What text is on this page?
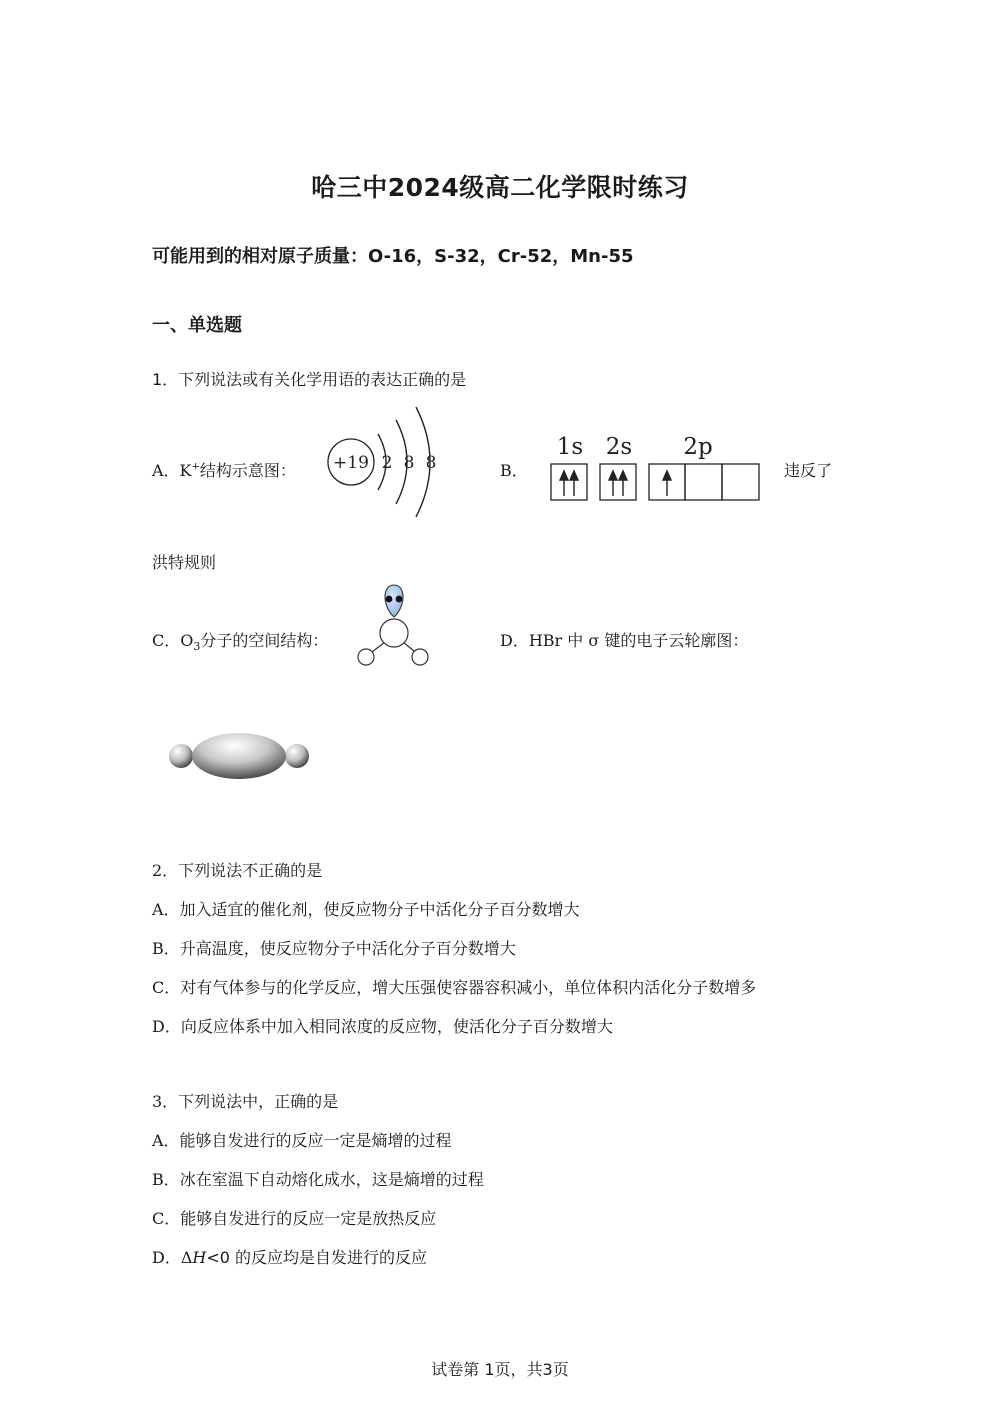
哈三中2024级高二化学限时练习
可能用到的相对原子质量：O-16，S-32，Cr-52，Mn-55
一、单选题
1．下列说法或有关化学用语的表达正确的是
A．K+结构示意图： +19 2 8 8	B．
1s 2s 2p
违反了
洪特规则
C．$O_3$分子的空间结构：	D．HBr 中 σ 键的电子云轮廓图：
2．下列说法不正确的是
A．加入适宜的催化剂，使反应物分子中活化分子百分数增大
B．升高温度，使反应物分子中活化分子百分数增大
C．对有气体参与的化学反应，增大压强使容器容积减小，单位体积内活化分子数增多
D．向反应体系中加入相同浓度的反应物，使活化分子百分数增大
3．下列说法中，正确的是
A．能够自发进行的反应一定是熵增的过程
B．冰在室温下自动熔化成水，这是熵增的过程
C．能够自发进行的反应一定是放热反应
D．ΔH<0 的反应均是自发进行的反应
试卷第 1页，共3页
